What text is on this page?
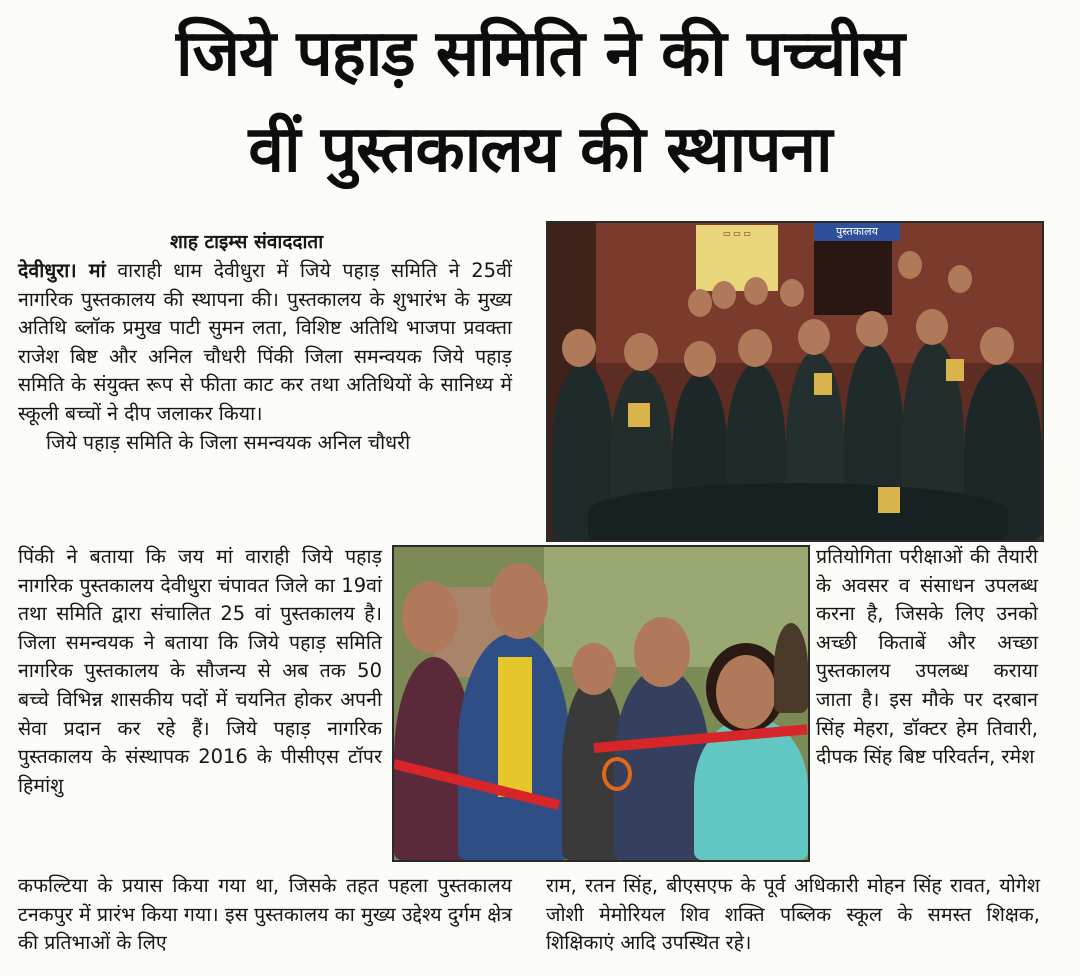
जिये पहाड़ समिति ने की पच्चीस
वीं पुस्तकालय की स्थापना
शाह टाइम्स संवाददाता

देवीधुरा। मां वाराही धाम देवीधुरा में जिये पहाड़ समिति ने 25वीं नागरिक पुस्तकालय की स्थापना की। पुस्तकालय के शुभारंभ के मुख्य अतिथि ब्लॉक प्रमुख पाटी सुमन लता, विशिष्ट अतिथि भाजपा प्रवक्ता राजेश बिष्ट और अनिल चौधरी पिंकी जिला समन्वयक जिये पहाड़ समिति के संयुक्त रूप से फीता काट कर तथा अतिथियों के सानिध्य में स्कूली बच्चों ने दीप जलाकर किया।

जिये पहाड़ समिति के जिला समन्वयक अनिल चौधरी

पिंकी ने बताया कि जय मां वाराही जिये पहाड़ नागरिक पुस्तकालय देवीधुरा चंपावत जिले का 19वां तथा समिति द्वारा संचालित 25 वां पुस्तकालय है। जिला समन्वयक ने बताया कि जिये पहाड़ समिति नागरिक पुस्तकालय के सौजन्य से अब तक 50 बच्चे विभिन्न शासकीय पदों में चयनित होकर अपनी सेवा प्रदान कर रहे हैं। जिये पहाड़ नागरिक पुस्तकालय के संस्थापक 2016 के पीसीएस टॉपर हिमांशु

प्रतियोगिता परीक्षाओं की तैयारी के अवसर व संसाधन उपलब्ध करना है, जिसके लिए उनको अच्छी किताबें और अच्छा पुस्तकालय उपलब्ध कराया जाता है। इस मौके पर दरबान सिंह मेहरा, डॉक्टर हेम तिवारी, दीपक सिंह बिष्ट परिवर्तन, रमेश

कफल्टिया के प्रयास किया गया था, जिसके तहत पहला पुस्तकालय टनकपुर में प्रारंभ किया गया। इस पुस्तकालय का मुख्य उद्देश्य दुर्गम क्षेत्र की प्रतिभाओं के लिए

राम, रतन सिंह, बीएसएफ के पूर्व अधिकारी मोहन सिंह रावत, योगेश जोशी मेमोरियल शिव शक्ति पब्लिक स्कूल के समस्त शिक्षक, शिक्षिकाएं आदि उपस्थित रहे।

▭ ▭ ▭	पुस्तकालय
